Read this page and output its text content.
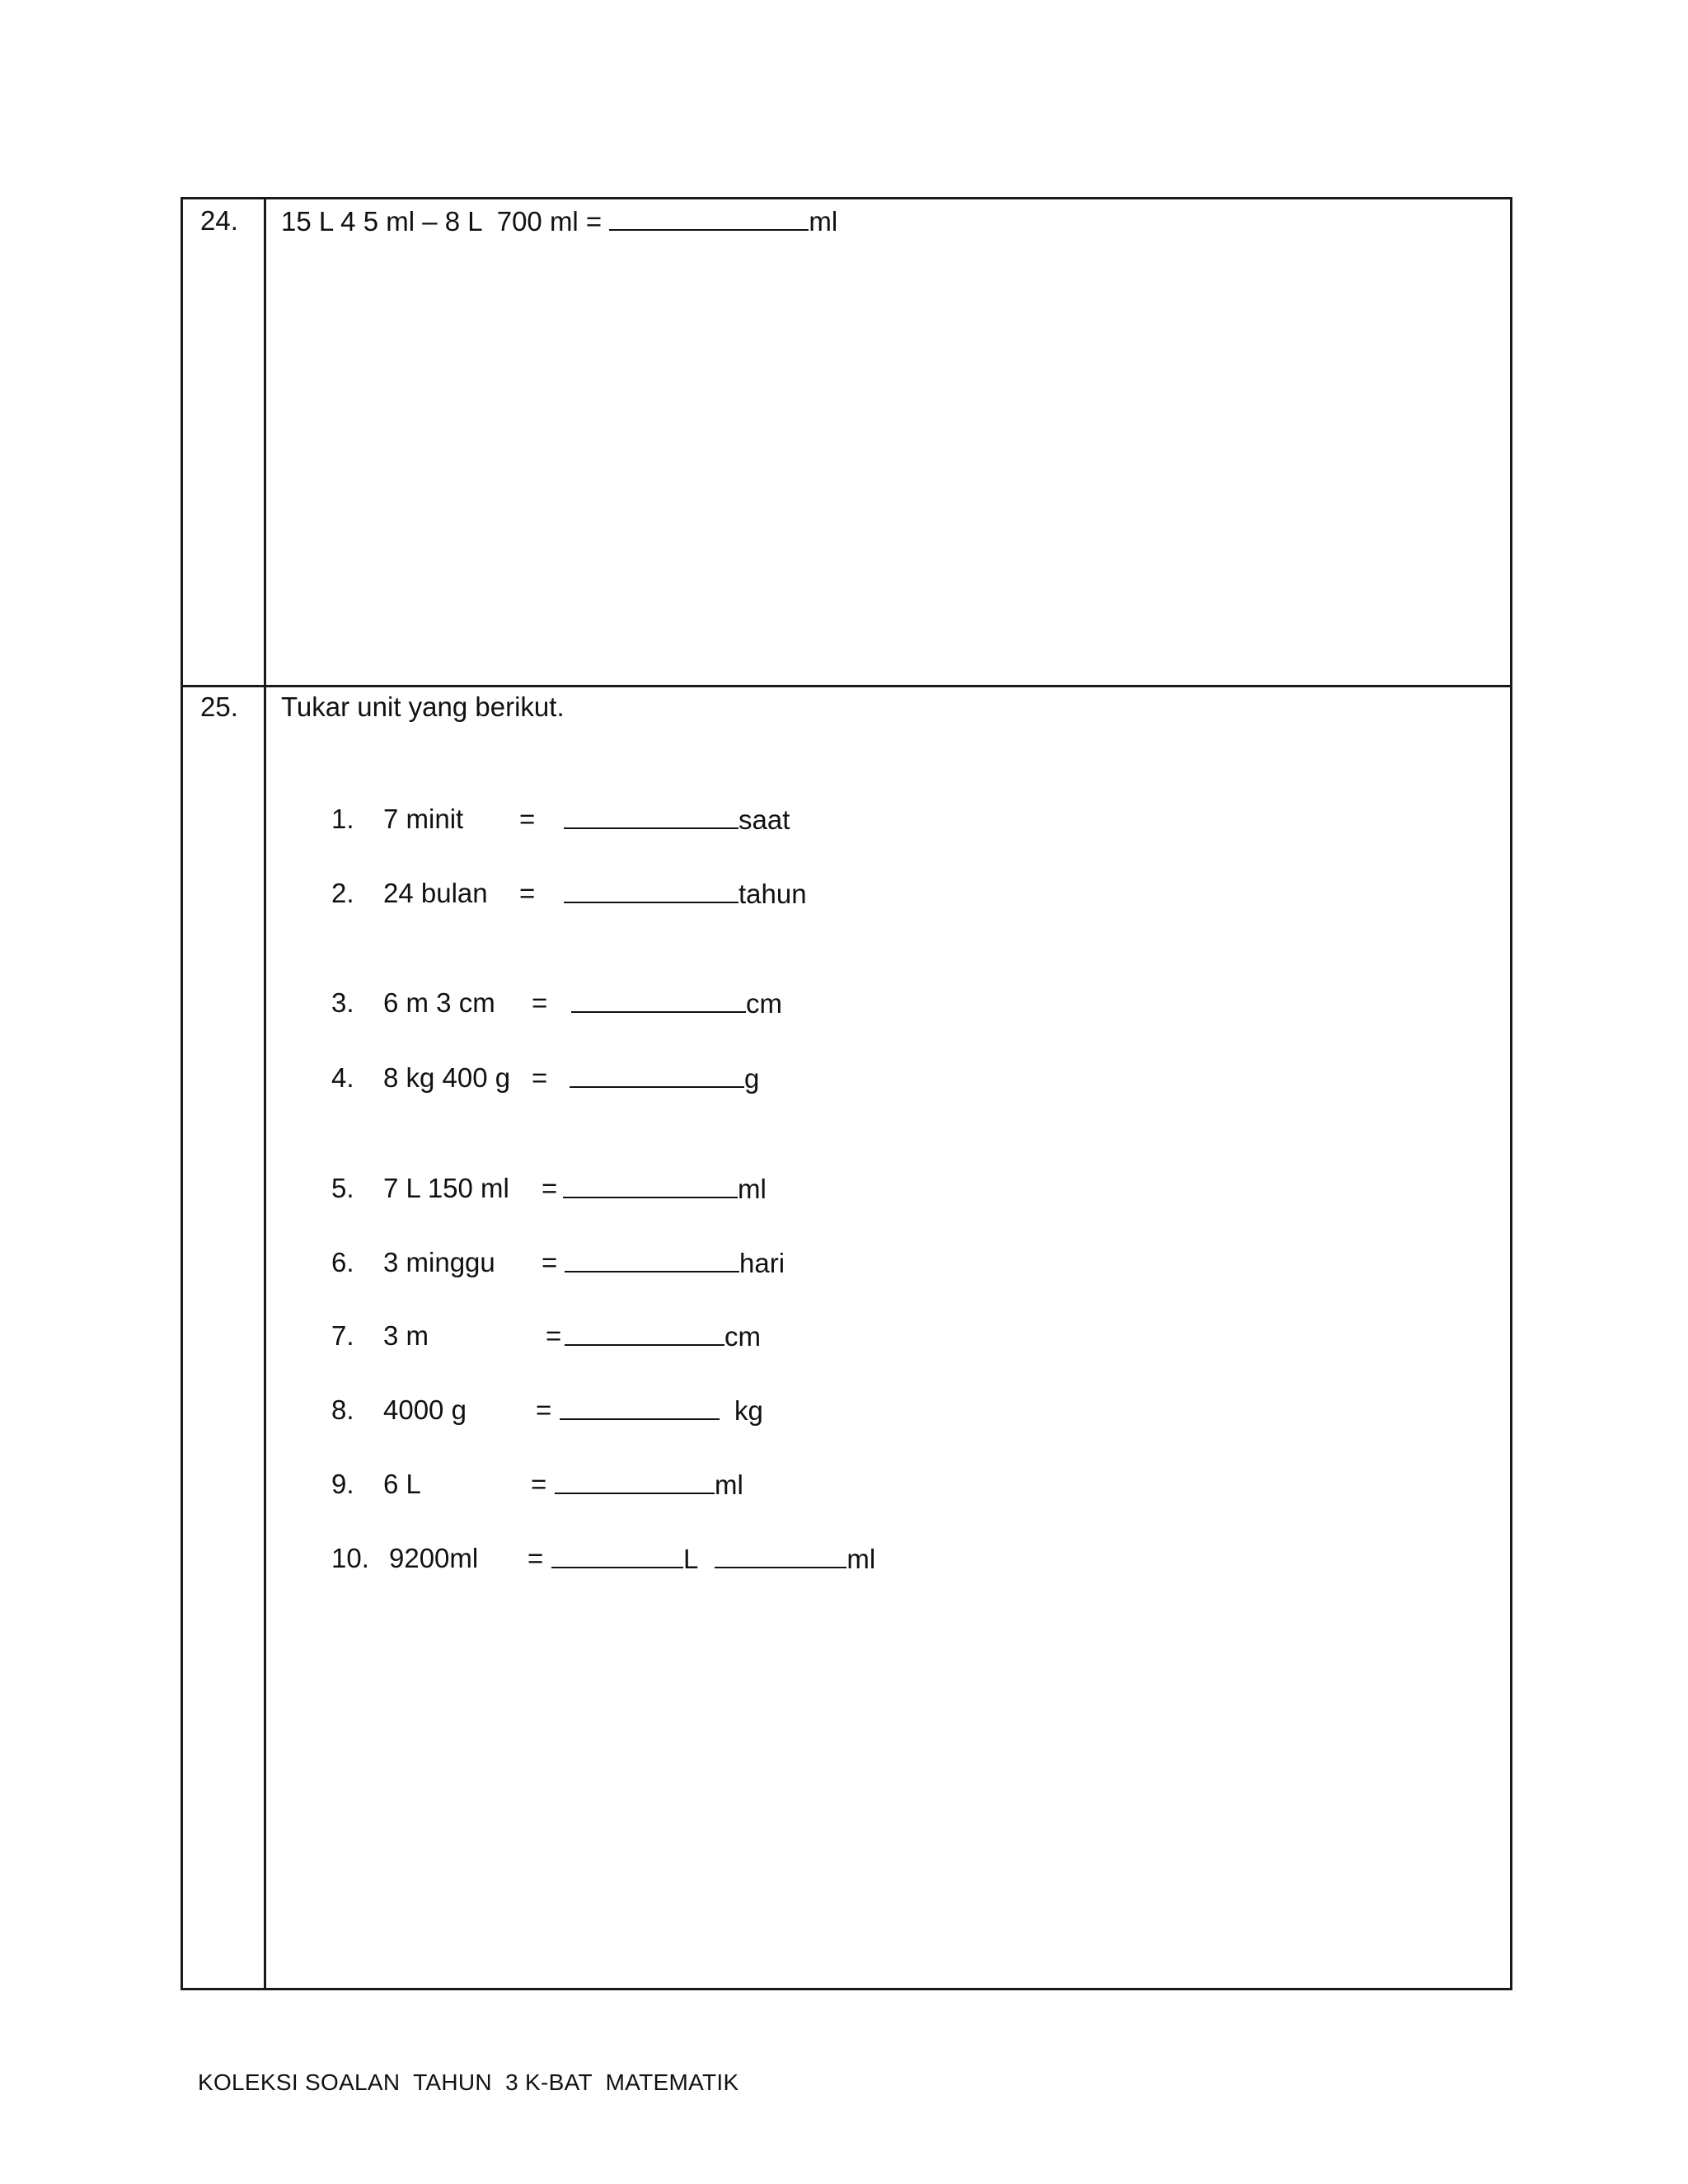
24. 15 L 4 5 ml – 8 L  700 ml =	ml
25. Tukar unit yang berikut.
1. 7 minit =	saat
2. 24 bulan =	tahun
3. 6 m 3 cm =	cm
4. 8 kg 400 g =	g
5. 7 L 150 ml =	ml
6. 3 minggu =	hari
7. 3 m	=	cm
8. 4000 g	=	kg
9. 6 L	=	ml
10. 9200ml =	L	ml
KOLEKSI SOALAN  TAHUN  3 K-BAT  MATEMATIK
